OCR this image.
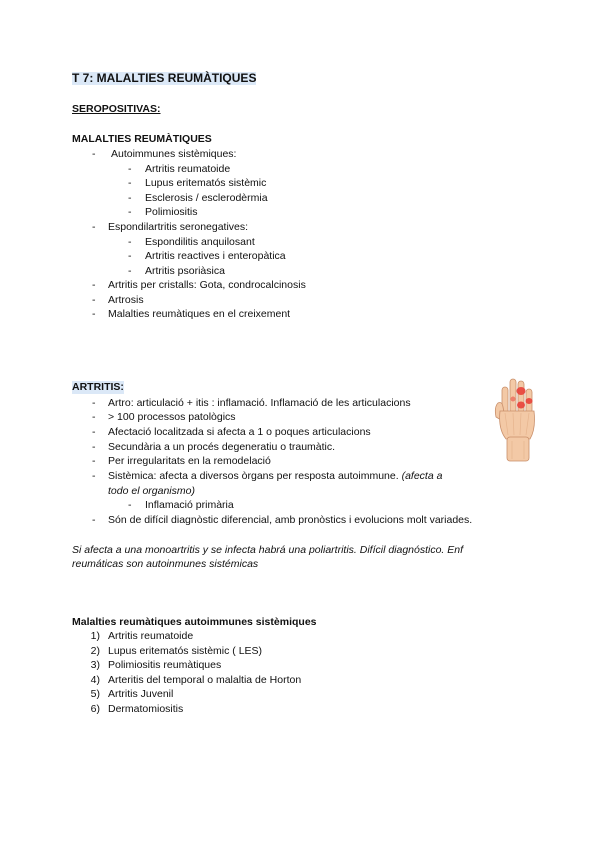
T 7: MALALTIES REUMÀTIQUES
SEROPOSITIVAS:
MALALTIES REUMÀTIQUES
- Autoimmunes sistèmiques:
- Artritis reumatoide
- Lupus eritematós sistèmic
- Esclerosis / esclerodèrmia
- Polimiositis
- Espondilartritis seronegatives:
- Espondilitis anquilosant
- Artritis reactives i enteropàtica
- Artritis psoriàsica
- Artritis per cristalls: Gota, condrocalcinosis
- Artrosis
- Malalties reumàtiques en el creixement
ARTRITIS:
- Artro: articulació + itis : inflamació. Inflamació de les articulacions
- > 100 processos patològics
- Afectació localitzada si afecta a 1 o poques articulacions
- Secundària a un procés degeneratiu o traumàtic.
- Per irregularitats en la remodelació
- Sistèmica: afecta a diversos òrgans per resposta autoimmune. (afecta a
todo el organismo)
- Inflamació primària
- Són de difícil diagnòstic diferencial, amb pronòstics i evolucions molt variades.
Si afecta a una monoartritis y se infecta habrá una poliartritis. Difícil diagnóstico. Enf
reumáticas son autoinmunes sistémicas
Malalties reumàtiques autoimmunes sistèmiques
1) Artritis reumatoide
2) Lupus eritematós sistèmic ( LES)
3) Polimiositis reumàtiques
4) Arteritis del temporal o malaltia de Horton
5) Artritis Juvenil
6) Dermatomiositis
